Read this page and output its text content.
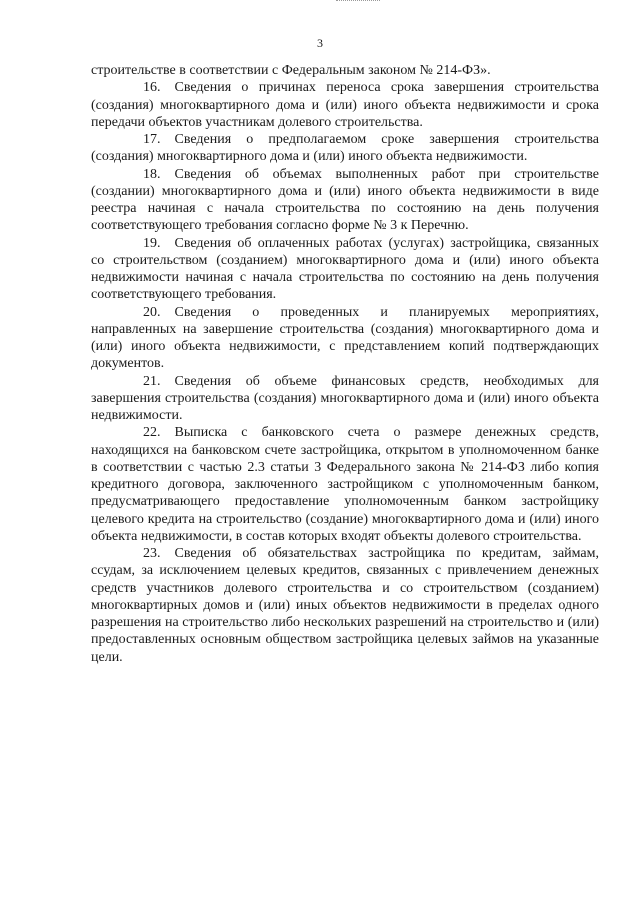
3

строительстве в соответствии с Федеральным законом № 214-ФЗ».

16. Сведения о причинах переноса срока завершения строительства (создания) многоквартирного дома и (или) иного объекта недвижимости и срока передачи объектов участникам долевого строительства.

17. Сведения о предполагаемом сроке завершения строительства (создания) многоквартирного дома и (или) иного объекта недвижимости.

18. Сведения об объемах выполненных работ при строительстве (создании) многоквартирного дома и (или) иного объекта недвижимости в виде реестра начиная с начала строительства по состоянию на день получения соответствующего требования согласно форме № 3 к Перечню.

19. Сведения об оплаченных работах (услугах) застройщика, связанных со строительством (созданием) многоквартирного дома и (или) иного объекта недвижимости начиная с начала строительства по состоянию на день получения соответствующего требования.

20. Сведения о проведенных и планируемых мероприятиях, направленных на завершение строительства (создания) многоквартирного дома и (или) иного объекта недвижимости, с представлением копий подтверждающих документов.

21. Сведения об объеме финансовых средств, необходимых для завершения строительства (создания) многоквартирного дома и (или) иного объекта недвижимости.

22. Выписка с банковского счета о размере денежных средств, находящихся на банковском счете застройщика, открытом в уполномоченном банке в соответствии с частью 2.3 статьи 3 Федерального закона № 214-ФЗ либо копия кредитного договора, заключенного застройщиком с уполномоченным банком, предусматривающего предоставление уполномоченным банком застройщику целевого кредита на строительство (создание) многоквартирного дома и (или) иного объекта недвижимости, в состав которых входят объекты долевого строительства.

23. Сведения об обязательствах застройщика по кредитам, займам, ссудам, за исключением целевых кредитов, связанных с привлечением денежных средств участников долевого строительства и со строительством (созданием) многоквартирных домов и (или) иных объектов недвижимости в пределах одного разрешения на строительство либо нескольких разрешений на строительство и (или) предоставленных основным обществом застройщика целевых займов на указанные цели.
